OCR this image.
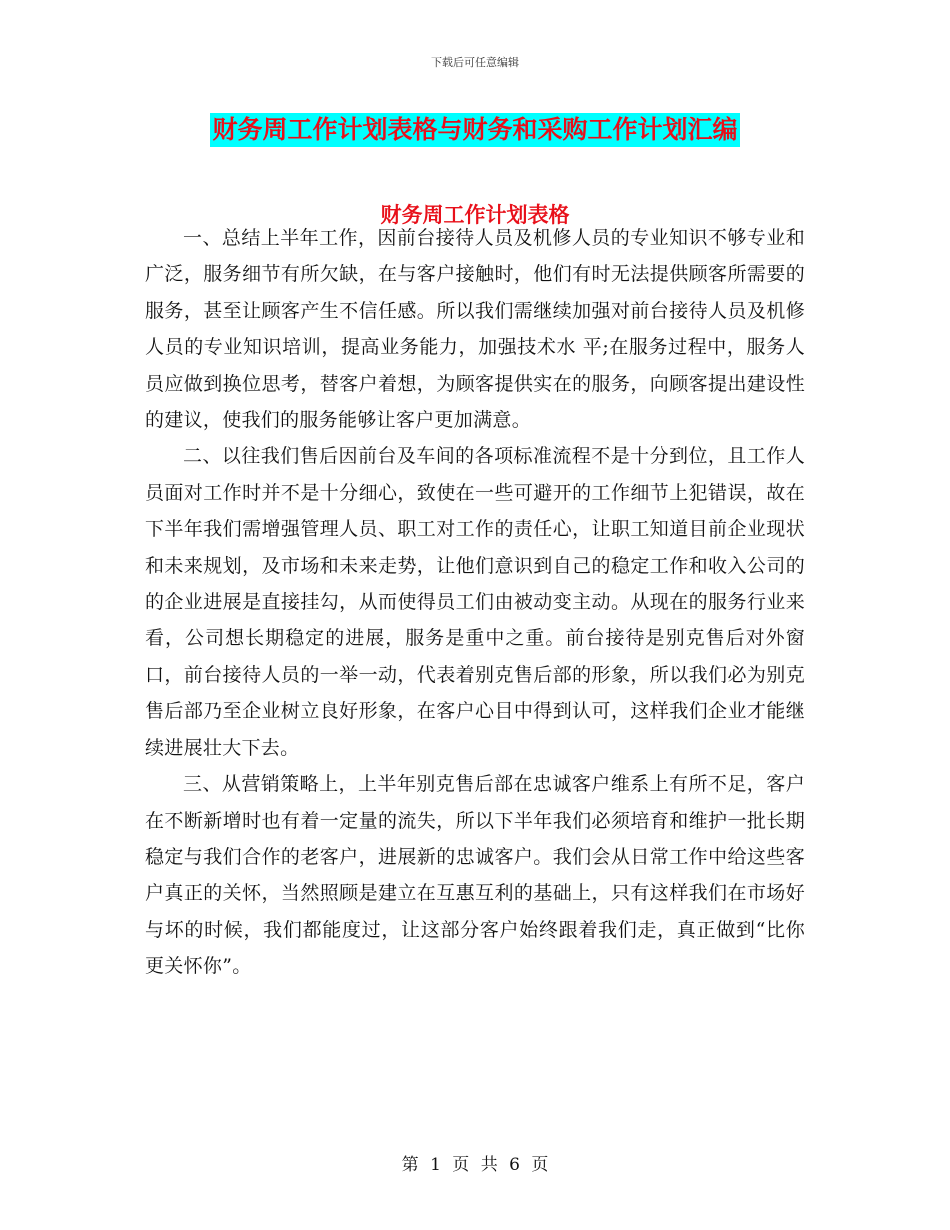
下载后可任意编辑
财务周工作计划表格与财务和采购工作计划汇编
财务周工作计划表格

一、总结上半年工作，因前台接待人员及机修人员的专业知识不够专业和广泛，服务细节有所欠缺，在与客户接触时，他们有时无法提供顾客所需要的服务，甚至让顾客产生不信任感。所以我们需继续加强对前台接待人员及机修人员的专业知识培训，提高业务能力，加强技术水 平;在服务过程中，服务人员应做到换位思考，替客户着想，为顾客提供实在的服务，向顾客提出建设性的建议，使我们的服务能够让客户更加满意。

二、以往我们售后因前台及车间的各项标准流程不是十分到位，且工作人员面对工作时并不是十分细心，致使在一些可避开的工作细节上犯错误，故在下半年我们需增强管理人员、职工对工作的责任心，让职工知道目前企业现状和未来规划，及市场和未来走势，让他们意识到自己的稳定工作和收入公司的的企业进展是直接挂勾，从而使得员工们由被动变主动。从现在的服务行业来看，公司想长期稳定的进展，服务是重中之重。前台接待是别克售后对外窗口，前台接待人员的一举一动，代表着别克售后部的形象，所以我们必为别克售后部乃至企业树立良好形象，在客户心目中得到认可，这样我们企业才能继续进展壮大下去。

三、从营销策略上，上半年别克售后部在忠诚客户维系上有所不足，客户在不断新增时也有着一定量的流失，所以下半年我们必须培育和维护一批长期稳定与我们合作的老客户，进展新的忠诚客户。我们会从日常工作中给这些客户真正的关怀，当然照顾是建立在互惠互利的基础上，只有这样我们在市场好与坏的时候，我们都能度过，让这部分客户始终跟着我们走，真正做到“比你更关怀你”。

第 1 页 共 6 页
